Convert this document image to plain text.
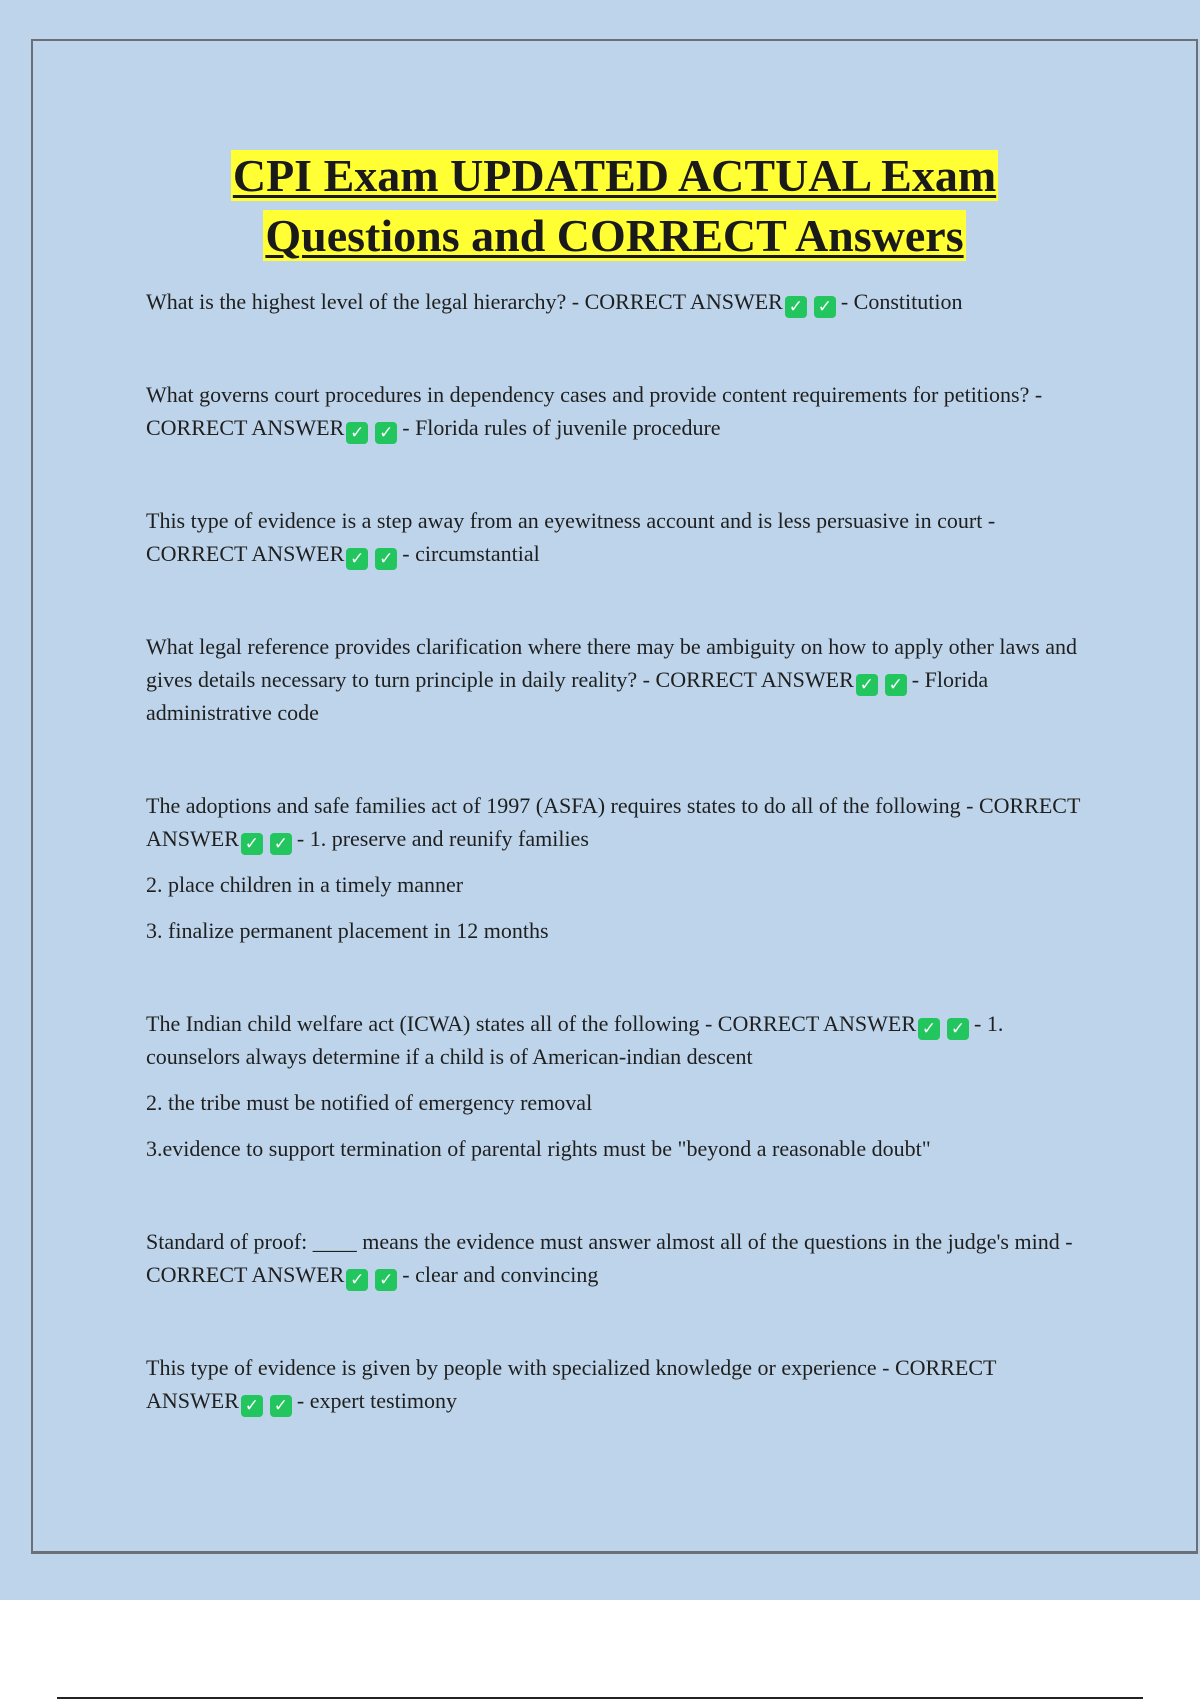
CPI Exam UPDATED ACTUAL Exam
Questions and CORRECT Answers

What is the highest level of the legal hierarchy? - CORRECT ANSWER ✓ ✓ - Constitution

What governs court procedures in dependency cases and provide content requirements for petitions? - CORRECT ANSWER ✓ ✓ - Florida rules of juvenile procedure

This type of evidence is a step away from an eyewitness account and is less persuasive in court - CORRECT ANSWER ✓ ✓ - circumstantial

What legal reference provides clarification where there may be ambiguity on how to apply other laws and gives details necessary to turn principle in daily reality? - CORRECT ANSWER ✓ ✓ - Florida administrative code

The adoptions and safe families act of 1997 (ASFA) requires states to do all of the following - CORRECT ANSWER ✓ ✓ - 1. preserve and reunify families

2. place children in a timely manner

3. finalize permanent placement in 12 months

The Indian child welfare act (ICWA) states all of the following - CORRECT ANSWER ✓ ✓ - 1. counselors always determine if a child is of American-indian descent

2. the tribe must be notified of emergency removal

3.evidence to support termination of parental rights must be "beyond a reasonable doubt"

Standard of proof: ____ means the evidence must answer almost all of the questions in the judge's mind - CORRECT ANSWER ✓ ✓ - clear and convincing

This type of evidence is given by people with specialized knowledge or experience - CORRECT ANSWER ✓ ✓ - expert testimony
